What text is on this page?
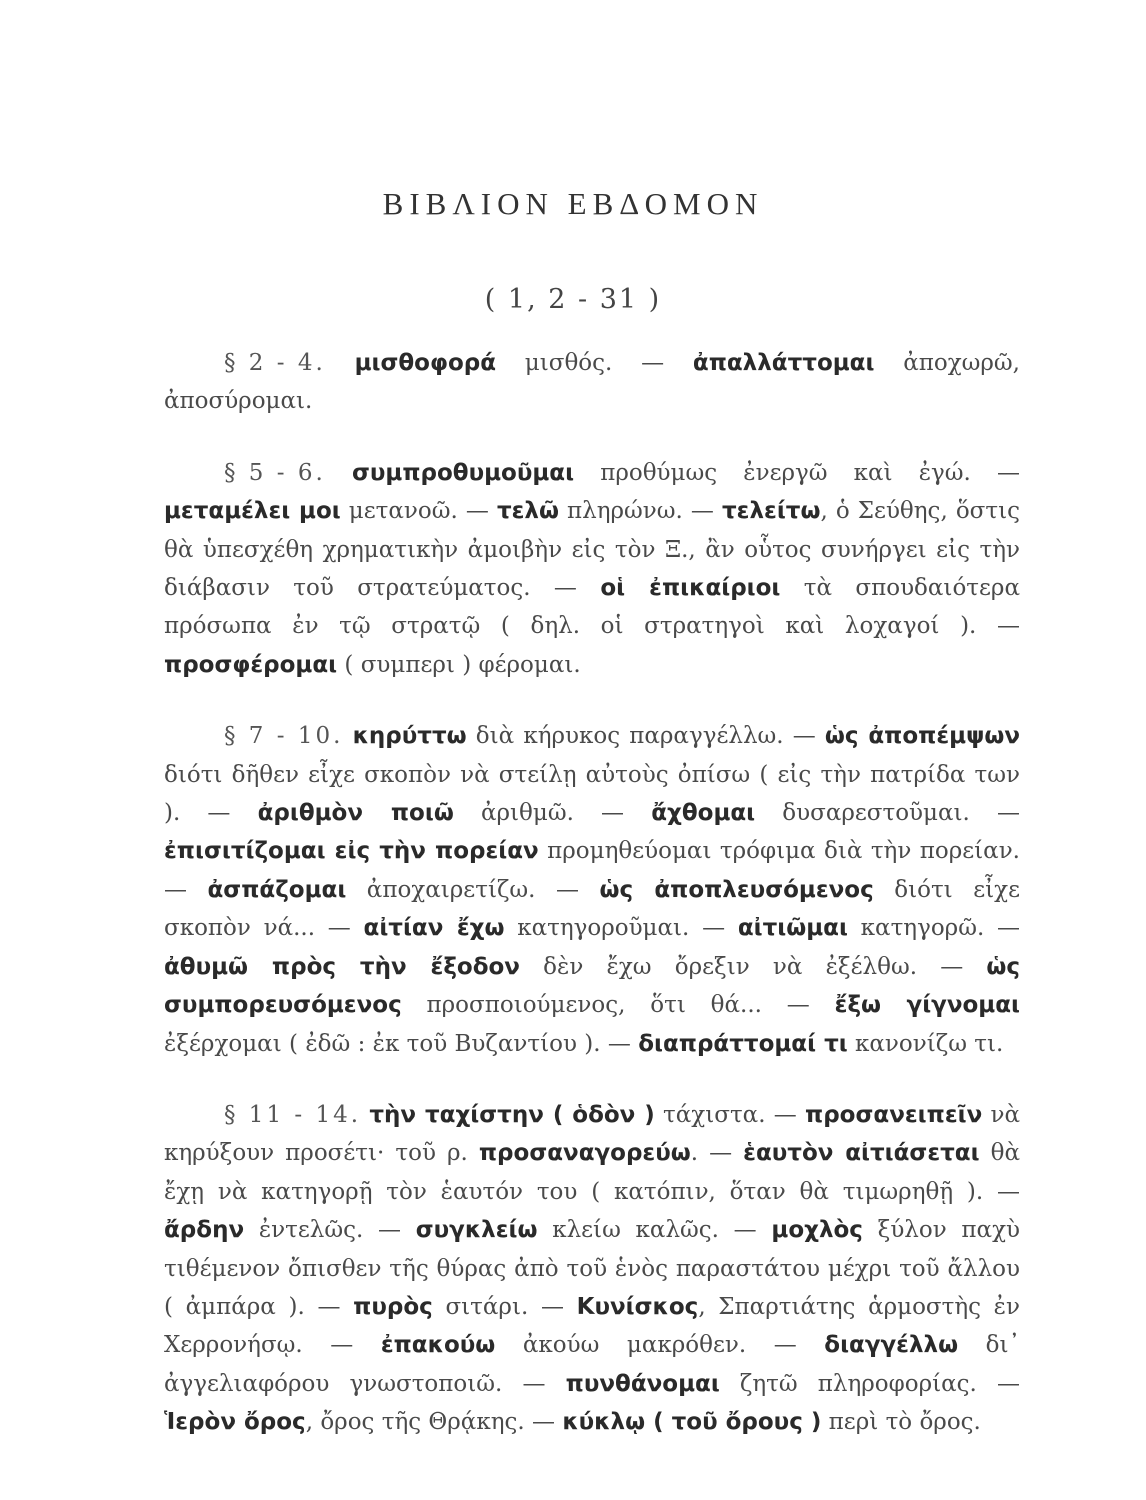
ΒΙΒΛΙΟΝ ΕΒΔΟΜΟΝ
( 1, 2 - 31 )

§ 2 - 4. μισθοφορά μισθός. — ἀπαλλάττομαι ἀποχωρῶ, ἀποσύρομαι.

§ 5 - 6. συμπροθυμοῦμαι προθύμως ἐνεργῶ καὶ ἐγώ. — μεταμέλει μοι μετανοῶ. — τελῶ πληρώνω. — τελείτω, ὁ Σεύθης, ὅστις θὰ ὑπεσχέθη χρηματικὴν ἀμοιβὴν εἰς τὸν Ξ., ἂν οὗτος συνήργει εἰς τὴν διάβασιν τοῦ στρατεύματος. — οἱ ἐπικαίριοι τὰ σπουδαιότερα πρόσωπα ἐν τῷ στρατῷ ( δηλ. οἱ στρατηγοὶ καὶ λοχαγοί ). — προσφέρομαι ( συμπερι ) φέρομαι.

§ 7 - 10. κηρύττω διὰ κήρυκος παραγγέλλω. — ὡς ἀποπέμψων διότι δῆθεν εἶχε σκοπὸν νὰ στείλῃ αὐτοὺς ὀπίσω ( εἰς τὴν πατρίδα των ). — ἀριθμὸν ποιῶ ἀριθμῶ. — ἄχθομαι δυσαρεστοῦμαι. — ἐπισιτίζομαι εἰς τὴν πορείαν προμηθεύομαι τρόφιμα διὰ τὴν πορείαν. — ἀσπάζομαι ἀποχαιρετίζω. — ὡς ἀποπλευσόμενος διότι εἶχε σκοπὸν νά... — αἰτίαν ἔχω κατηγοροῦμαι. — αἰτιῶμαι κατηγορῶ. — ἀθυμῶ πρὸς τὴν ἔξοδον δὲν ἔχω ὄρεξιν νὰ ἐξέλθω. — ὡς συμπορευσόμενος προσποιούμενος, ὅτι θά... — ἔξω γίγνομαι ἐξέρχομαι ( ἐδῶ : ἐκ τοῦ Βυζαντίου ). — διαπράττομαί τι κανονίζω τι.

§ 11 - 14. τὴν ταχίστην ( ὁδὸν ) τάχιστα. — προσανειπεῖν νὰ κηρύξουν προσέτι· τοῦ ρ. προσαναγορεύω. — ἑαυτὸν αἰτιάσεται θὰ ἔχῃ νὰ κατηγορῇ τὸν ἑαυτόν του ( κατόπιν, ὅταν θὰ τιμωρηθῇ ). — ἄρδην ἐντελῶς. — συγκλείω κλείω καλῶς. — μοχλὸς ξύλον παχὺ τιθέμενον ὄπισθεν τῆς θύρας ἀπὸ τοῦ ἑνὸς παραστάτου μέχρι τοῦ ἄλλου ( ἀμπάρα ). — πυρὸς σιτάρι. — Κυνίσκος, Σπαρτιάτης ἁρμοστὴς ἐν Χερρονήσῳ. — ἐπακούω ἀκούω μακρόθεν. — διαγγέλλω δι᾽ ἀγγελιαφόρου γνωστοποιῶ. — πυνθάνομαι ζητῶ πληροφορίας. — Ἱερὸν ὄρος, ὄρος τῆς Θρᾴκης. — κύκλῳ ( τοῦ ὄρους ) περὶ τὸ ὄρος.
